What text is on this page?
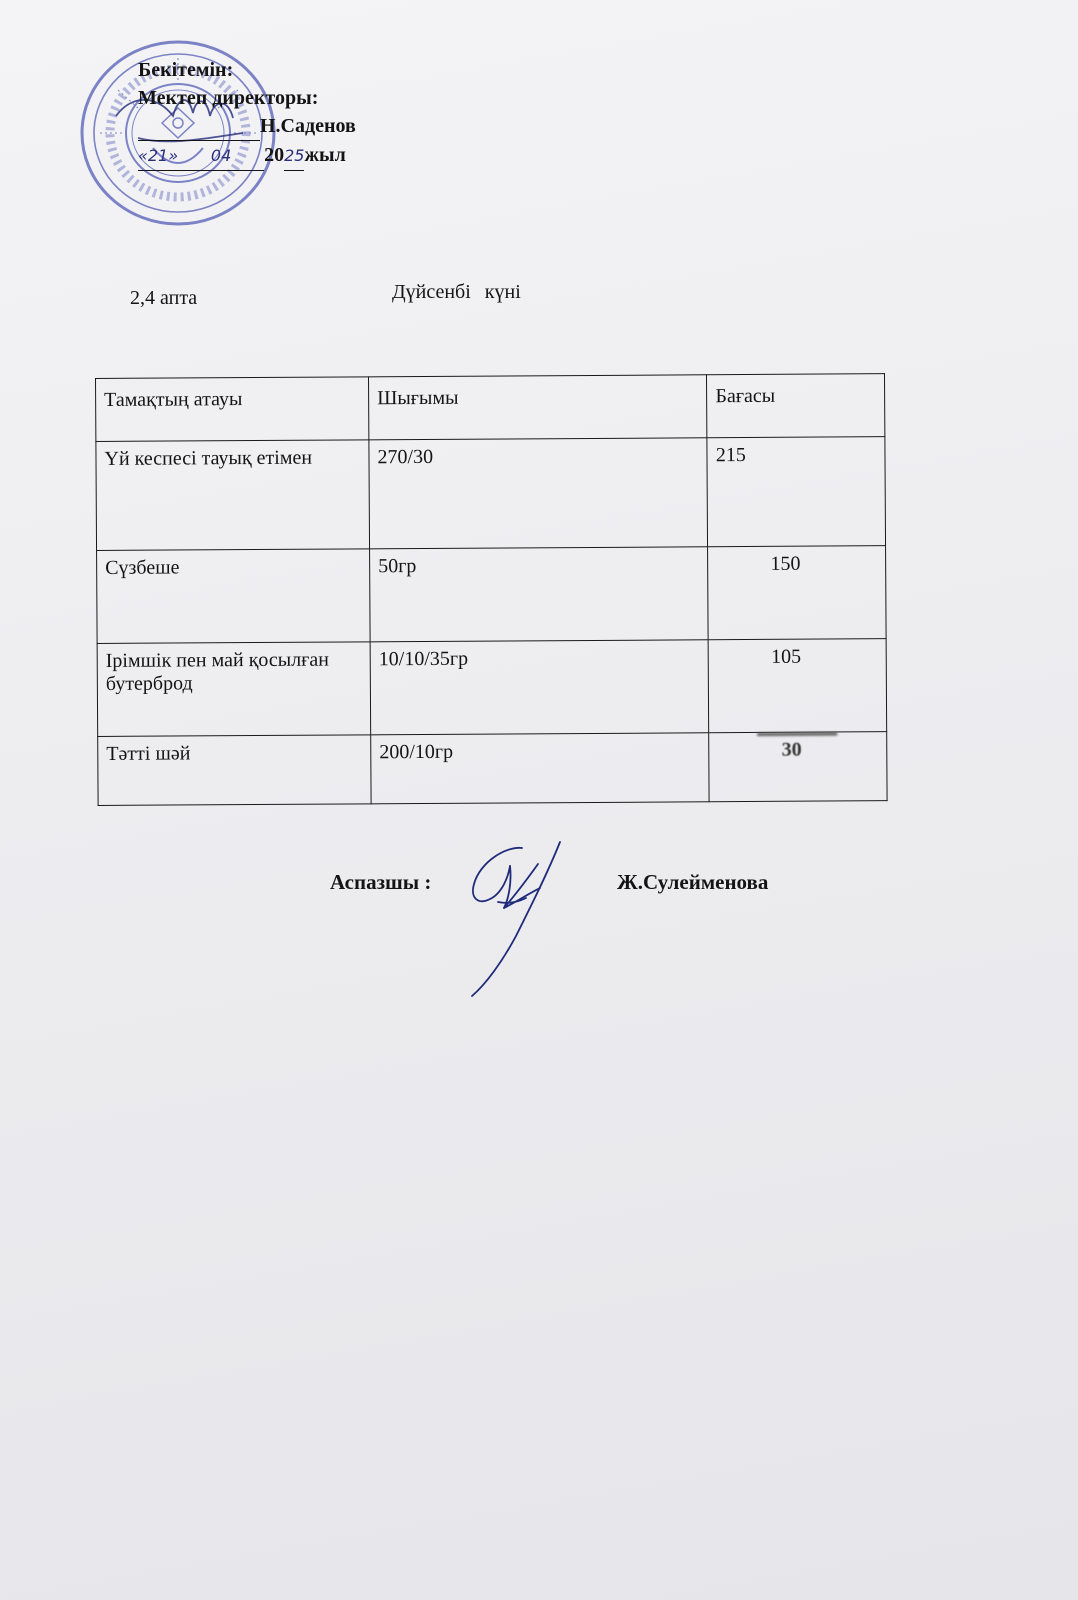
Бекітемін:
Мектеп директоры:
Н.Саденов
«21» 04 2025жыл
2,4 апта	Дүйсенбі күні
Тамақтың атауы	Шығымы	Бағасы
Үй кеспесі тауық етімен	270/30	215
Сүзбеше	50гр	150
Ірімшік пен май қосылған бутерброд	10/10/35гр	105
Тәтті шәй	200/10гр	30
Аспазшы :	Ж.Сулейменова
